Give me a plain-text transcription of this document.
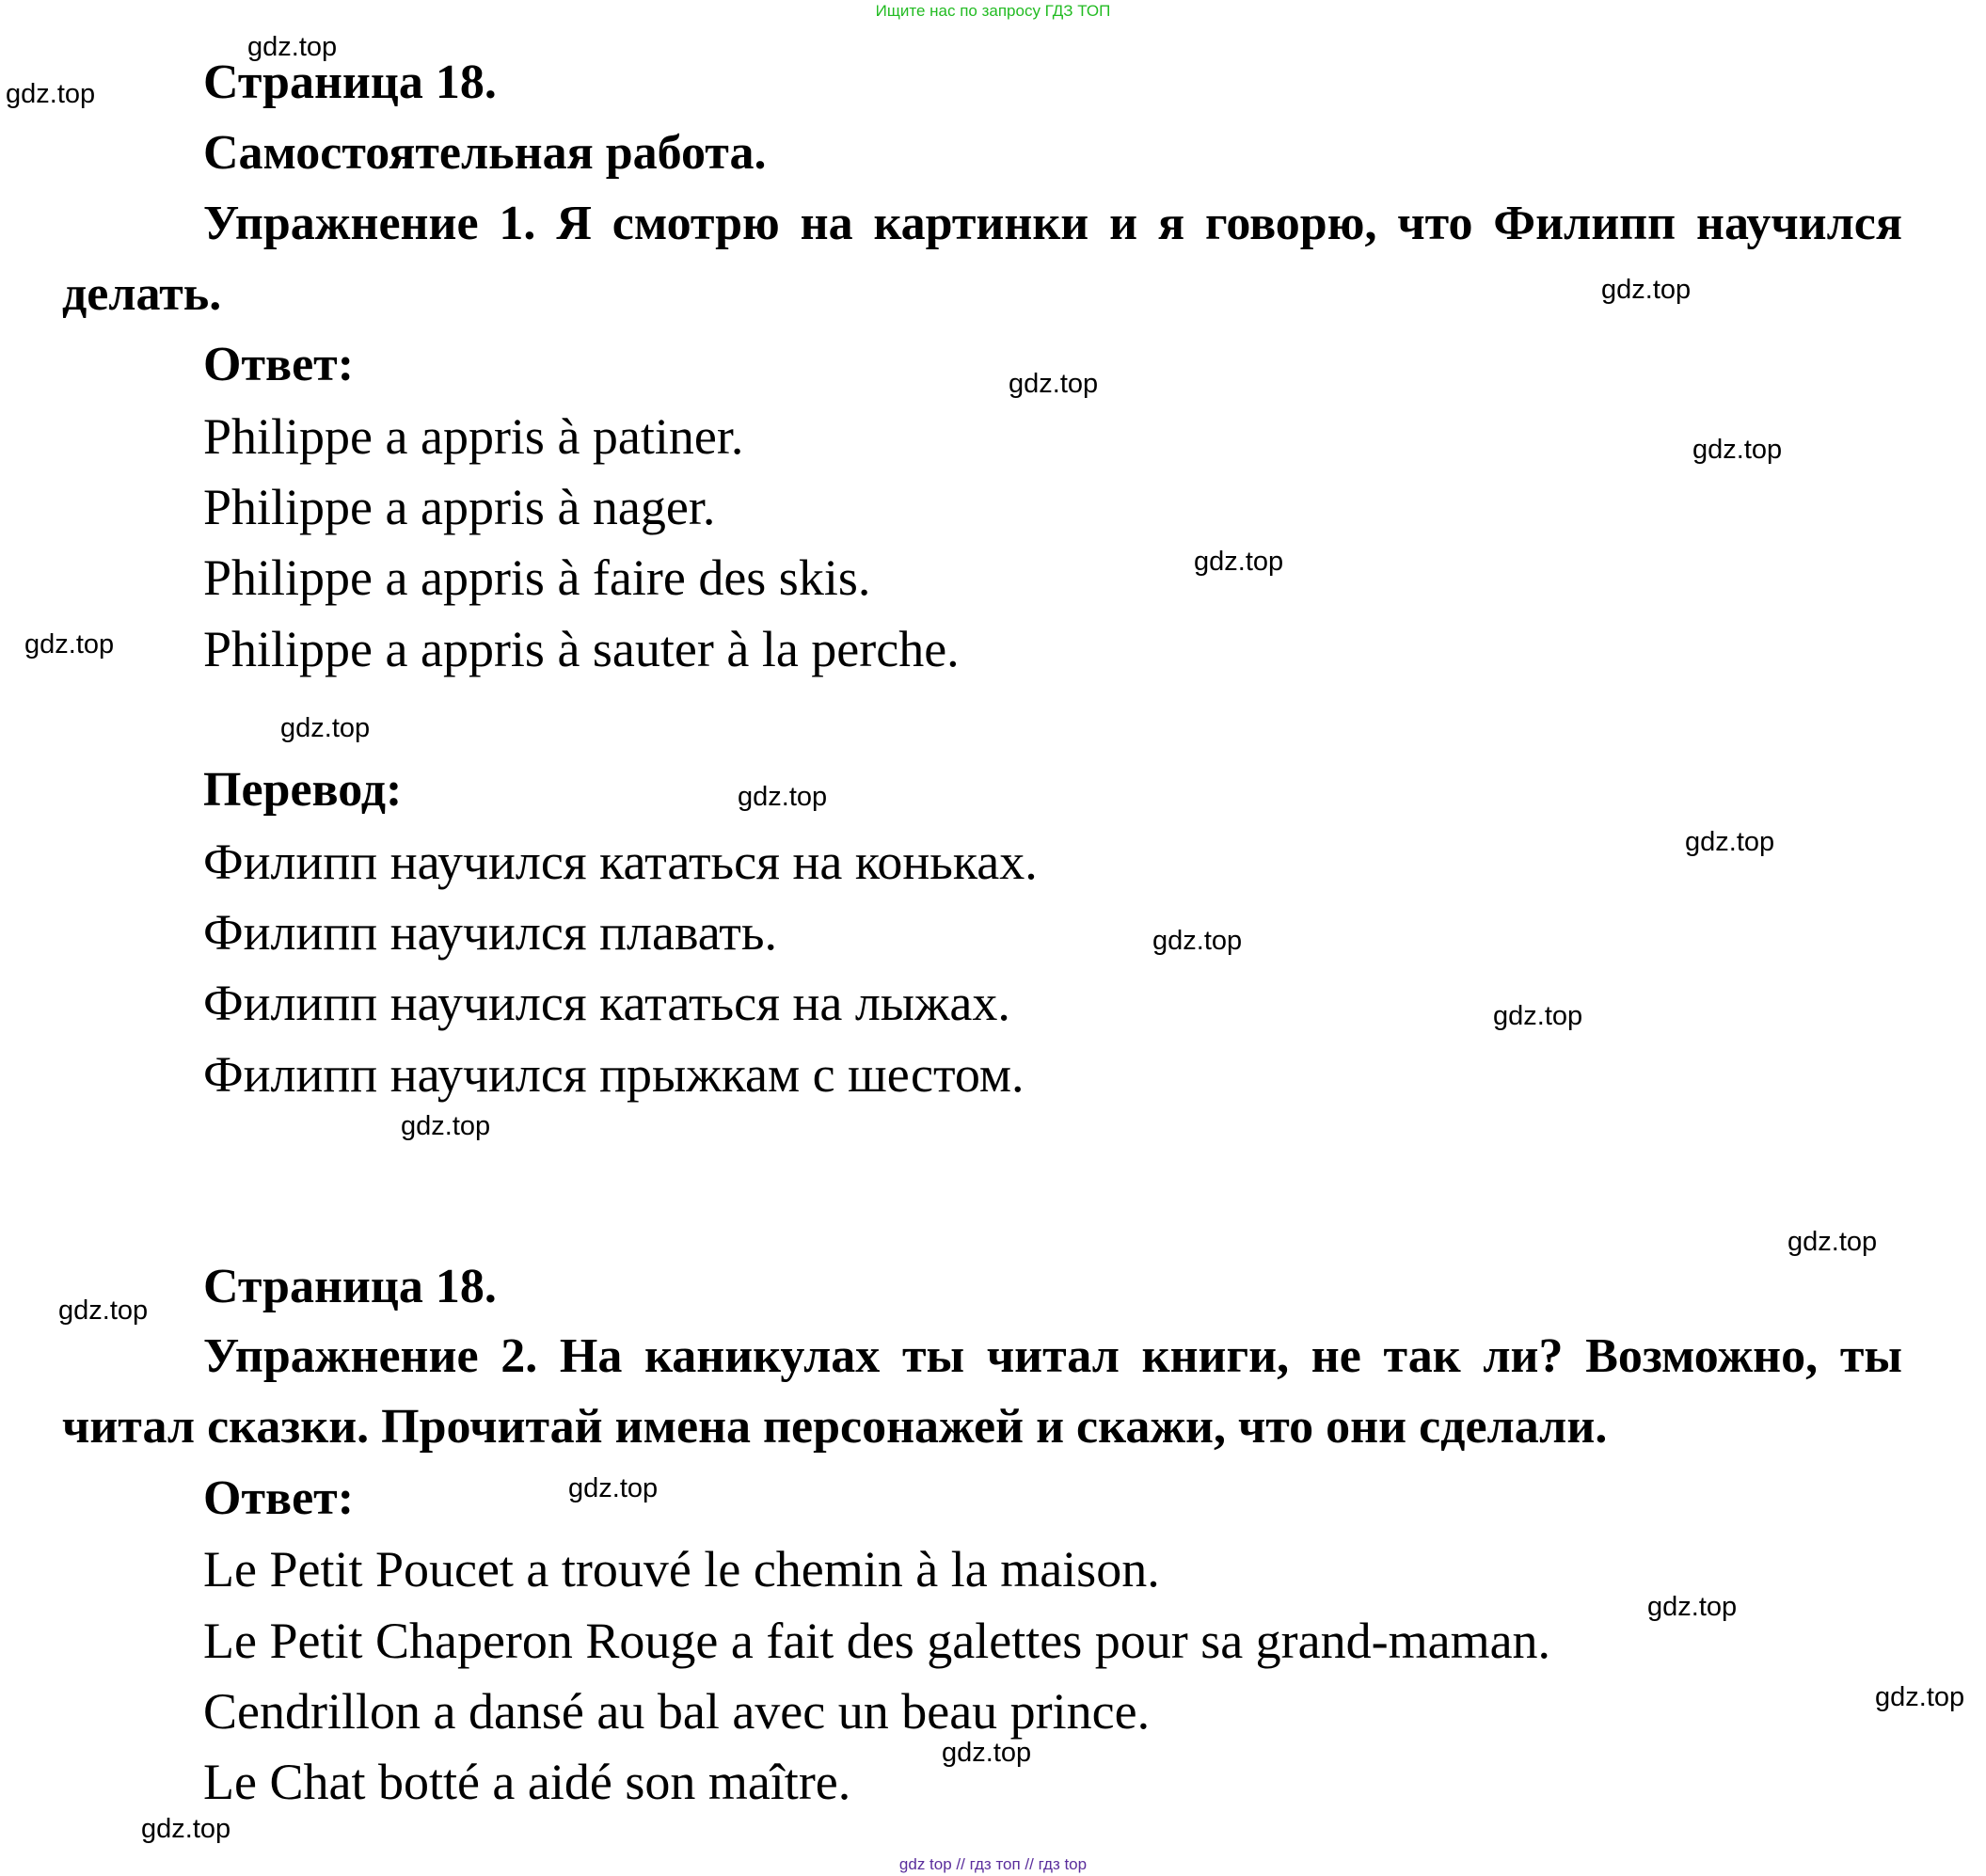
Ищите нас по запросу ГДЗ ТОП
Страница 18.
Самостоятельная работа.
Упражнение 1. Я смотрю на картинки и я говорю, что Филипп научился делать.
Ответ:
Philippe a appris à patiner.
Philippe a appris à nager.
Philippe a appris à faire des skis.
Philippe a appris à sauter à la perche.
Перевод:
Филипп научился кататься на коньках.
Филипп научился плавать.
Филипп научился кататься на лыжах.
Филипп научился прыжкам с шестом.
Страница 18.
Упражнение 2. На каникулах ты читал книги, не так ли? Возможно, ты читал сказки. Прочитай имена персонажей и скажи, что они сделали.
Ответ:
Le Petit Poucet a trouvé le chemin à la maison.
Le Petit Chaperon Rouge a fait des galettes pour sa grand-maman.
Cendrillon a dansé au bal avec un beau prince.
Le Chat botté a aidé son maître.
gdz.top
gdz.top
gdz.top
gdz.top
gdz.top
gdz.top
gdz.top
gdz.top
gdz.top
gdz.top
gdz.top
gdz.top
gdz.top
gdz.top
gdz.top
gdz.top
gdz.top
gdz.top
gdz.top
gdz.top
gdz top // гдз топ // гдз top
